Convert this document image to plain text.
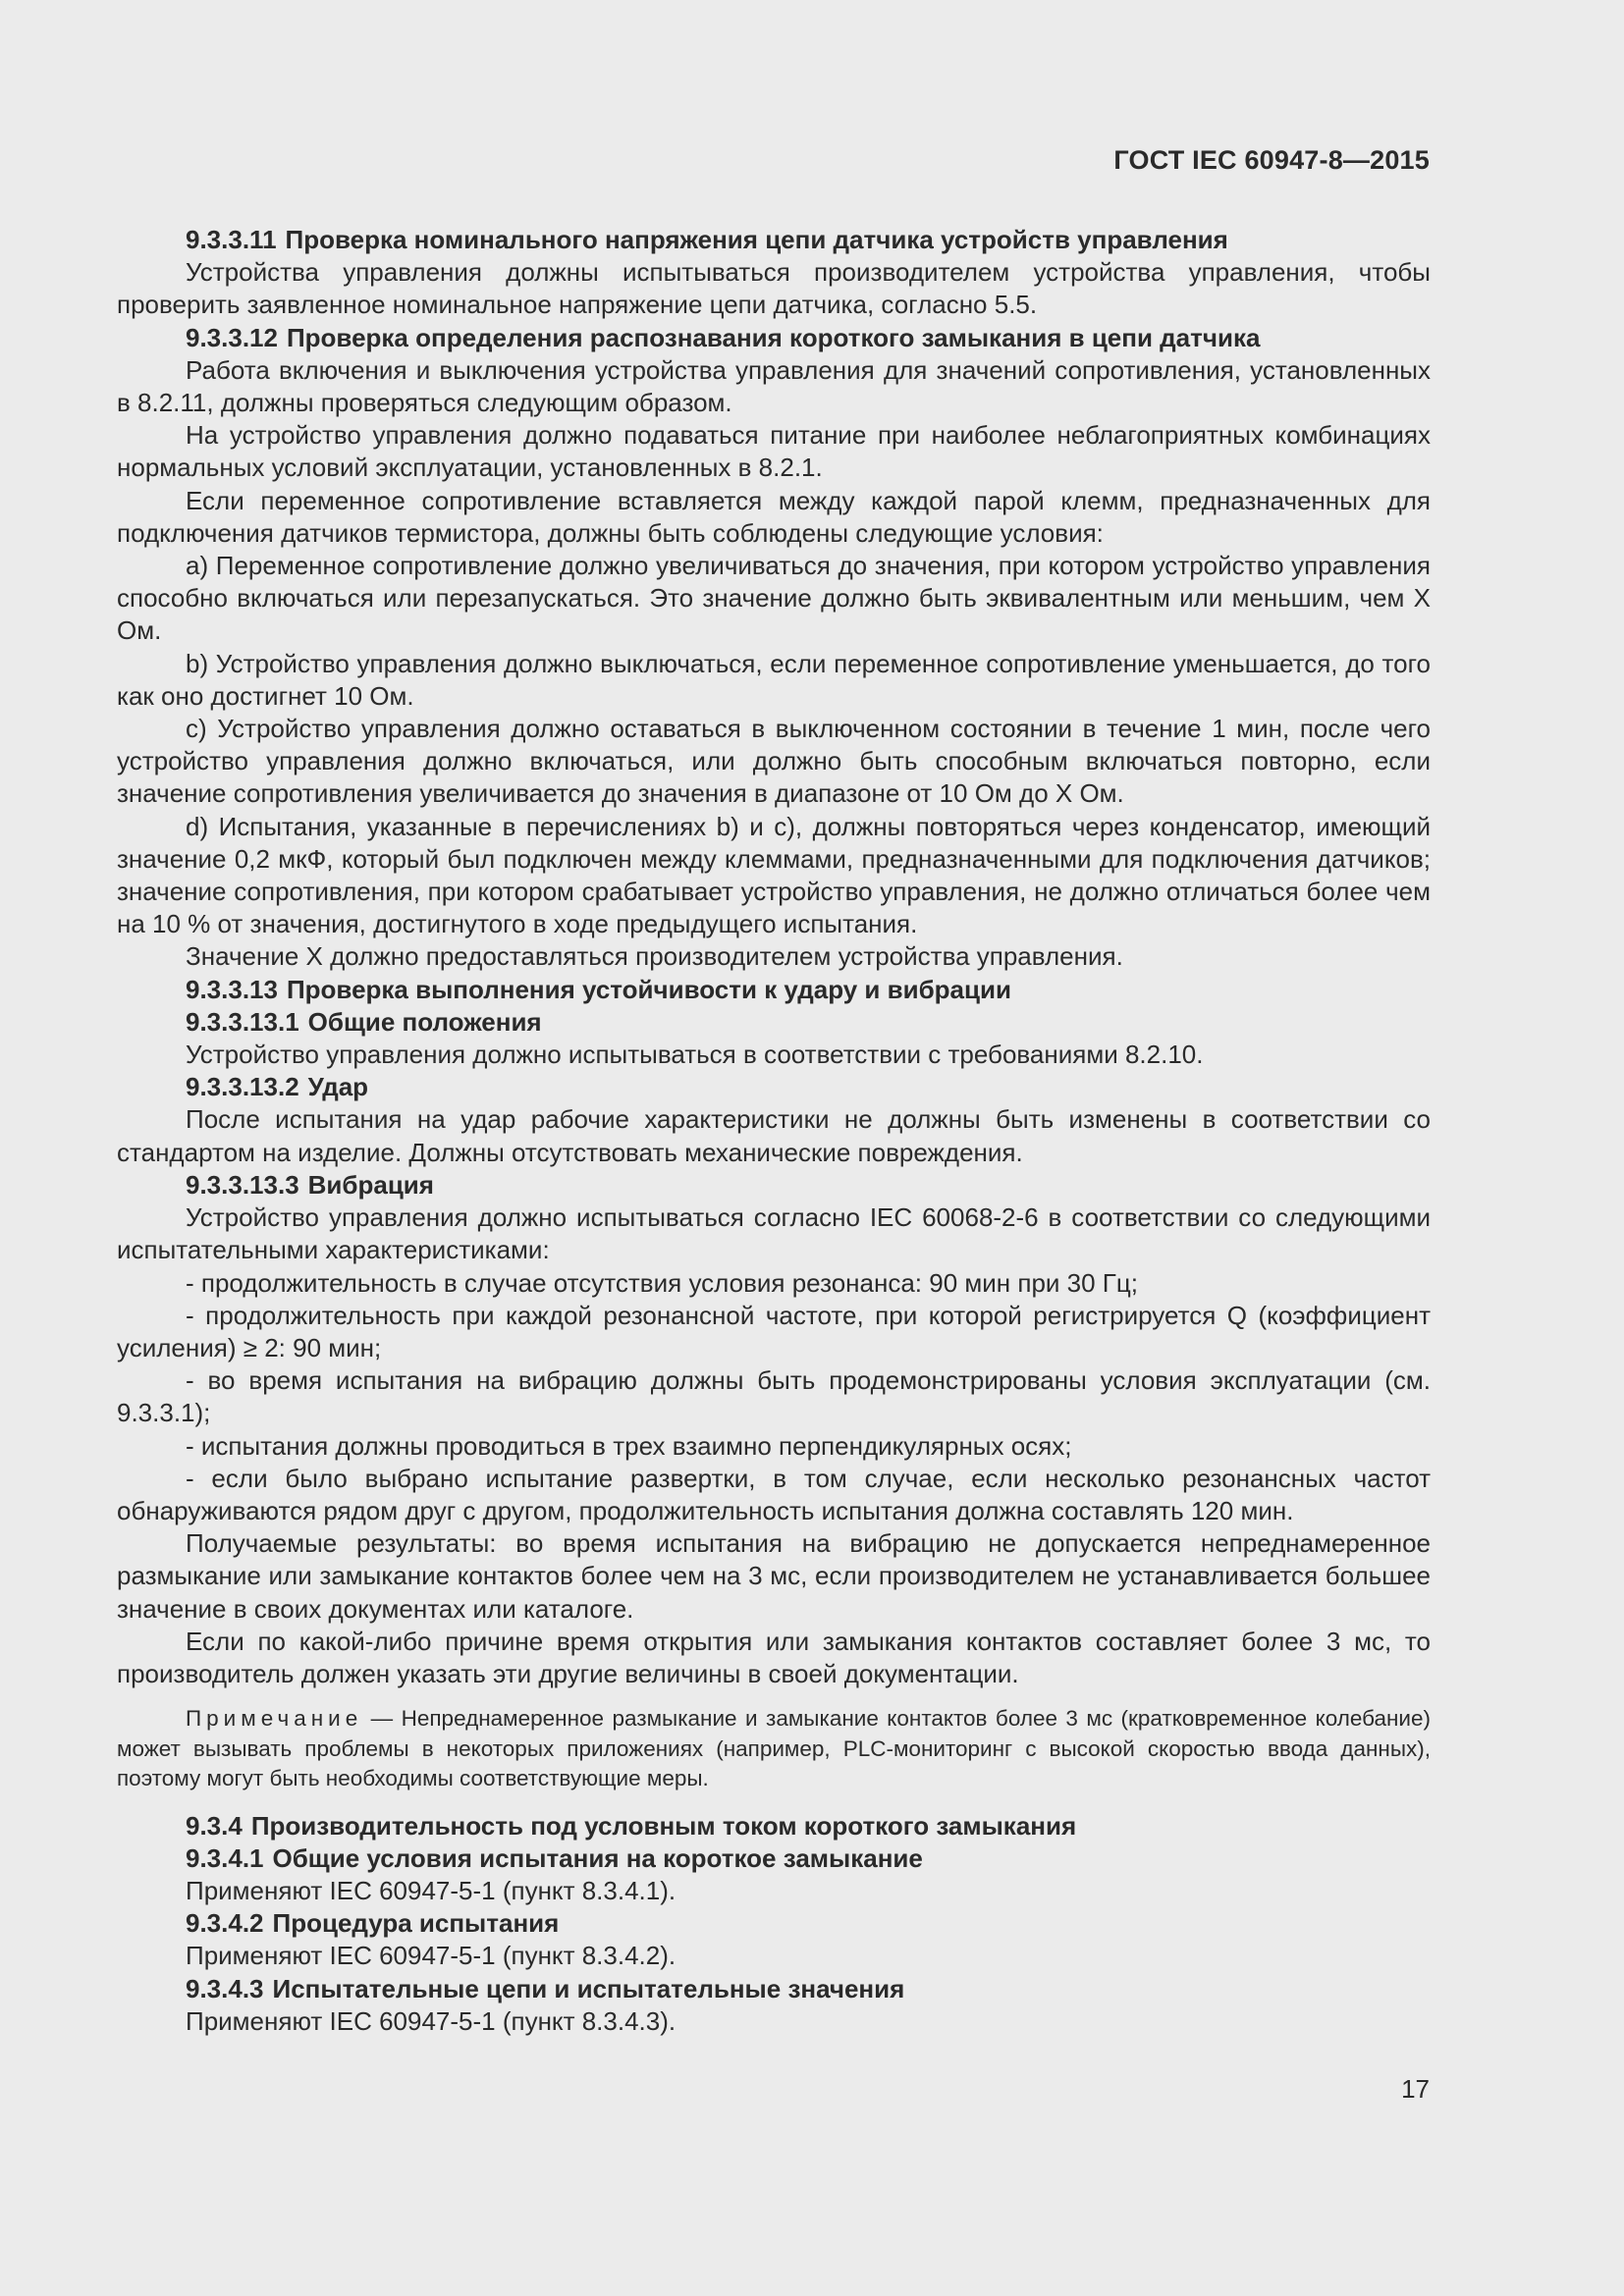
ГОСТ IEC 60947-8—2015
9.3.3.11 Проверка номинального напряжения цепи датчика устройств управления
Устройства управления должны испытываться производителем устройства управления, чтобы проверить заявленное номинальное напряжение цепи датчика, согласно 5.5.
9.3.3.12 Проверка определения распознавания короткого замыкания в цепи датчика
Работа включения и выключения устройства управления для значений сопротивления, установленных в 8.2.11, должны проверяться следующим образом.
На устройство управления должно подаваться питание при наиболее неблагоприятных комбинациях нормальных условий эксплуатации, установленных в 8.2.1.
Если переменное сопротивление вставляется между каждой парой клемм, предназначенных для подключения датчиков термистора, должны быть соблюдены следующие условия:
a) Переменное сопротивление должно увеличиваться до значения, при котором устройство управления способно включаться или перезапускаться. Это значение должно быть эквивалентным или меньшим, чем Х Ом.
b) Устройство управления должно выключаться, если переменное сопротивление уменьшается, до того как оно достигнет 10 Ом.
c) Устройство управления должно оставаться в выключенном состоянии в течение 1 мин, после чего устройство управления должно включаться, или должно быть способным включаться повторно, если значение сопротивления увеличивается до значения в диапазоне от 10 Ом до Х Ом.
d) Испытания, указанные в перечислениях b) и c), должны повторяться через конденсатор, имеющий значение 0,2 мкФ, который был подключен между клеммами, предназначенными для подключения датчиков; значение сопротивления, при котором срабатывает устройство управления, не должно отличаться более чем на 10 % от значения, достигнутого в ходе предыдущего испытания.
Значение Х должно предоставляться производителем устройства управления.
9.3.3.13 Проверка выполнения устойчивости к удару и вибрации
9.3.3.13.1 Общие положения
Устройство управления должно испытываться в соответствии с требованиями 8.2.10.
9.3.3.13.2 Удар
После испытания на удар рабочие характеристики не должны быть изменены в соответствии со стандартом на изделие. Должны отсутствовать механические повреждения.
9.3.3.13.3 Вибрация
Устройство управления должно испытываться согласно IEC 60068-2-6 в соответствии со следующими испытательными характеристиками:
- продолжительность в случае отсутствия условия резонанса: 90 мин при 30 Гц;
- продолжительность при каждой резонансной частоте, при которой регистрируется Q (коэффициент усиления) ≥ 2: 90 мин;
- во время испытания на вибрацию должны быть продемонстрированы условия эксплуатации (см. 9.3.3.1);
- испытания должны проводиться в трех взаимно перпендикулярных осях;
- если было выбрано испытание развертки, в том случае, если несколько резонансных частот обнаруживаются рядом друг с другом, продолжительность испытания должна составлять 120 мин.
Получаемые результаты: во время испытания на вибрацию не допускается непреднамеренное размыкание или замыкание контактов более чем на 3 мс, если производителем не устанавливается большее значение в своих документах или каталоге.
Если по какой-либо причине время открытия или замыкания контактов составляет более 3 мс, то производитель должен указать эти другие величины в своей документации.
Примечание — Непреднамеренное размыкание и замыкание контактов более 3 мс (кратковременное колебание) может вызывать проблемы в некоторых приложениях (например, PLC-мониторинг с высокой скоростью ввода данных), поэтому могут быть необходимы соответствующие меры.
9.3.4 Производительность под условным током короткого замыкания
9.3.4.1 Общие условия испытания на короткое замыкание
Применяют IEC 60947-5-1 (пункт 8.3.4.1).
9.3.4.2 Процедура испытания
Применяют IEC 60947-5-1 (пункт 8.3.4.2).
9.3.4.3 Испытательные цепи и испытательные значения
Применяют IEC 60947-5-1 (пункт 8.3.4.3).
17
